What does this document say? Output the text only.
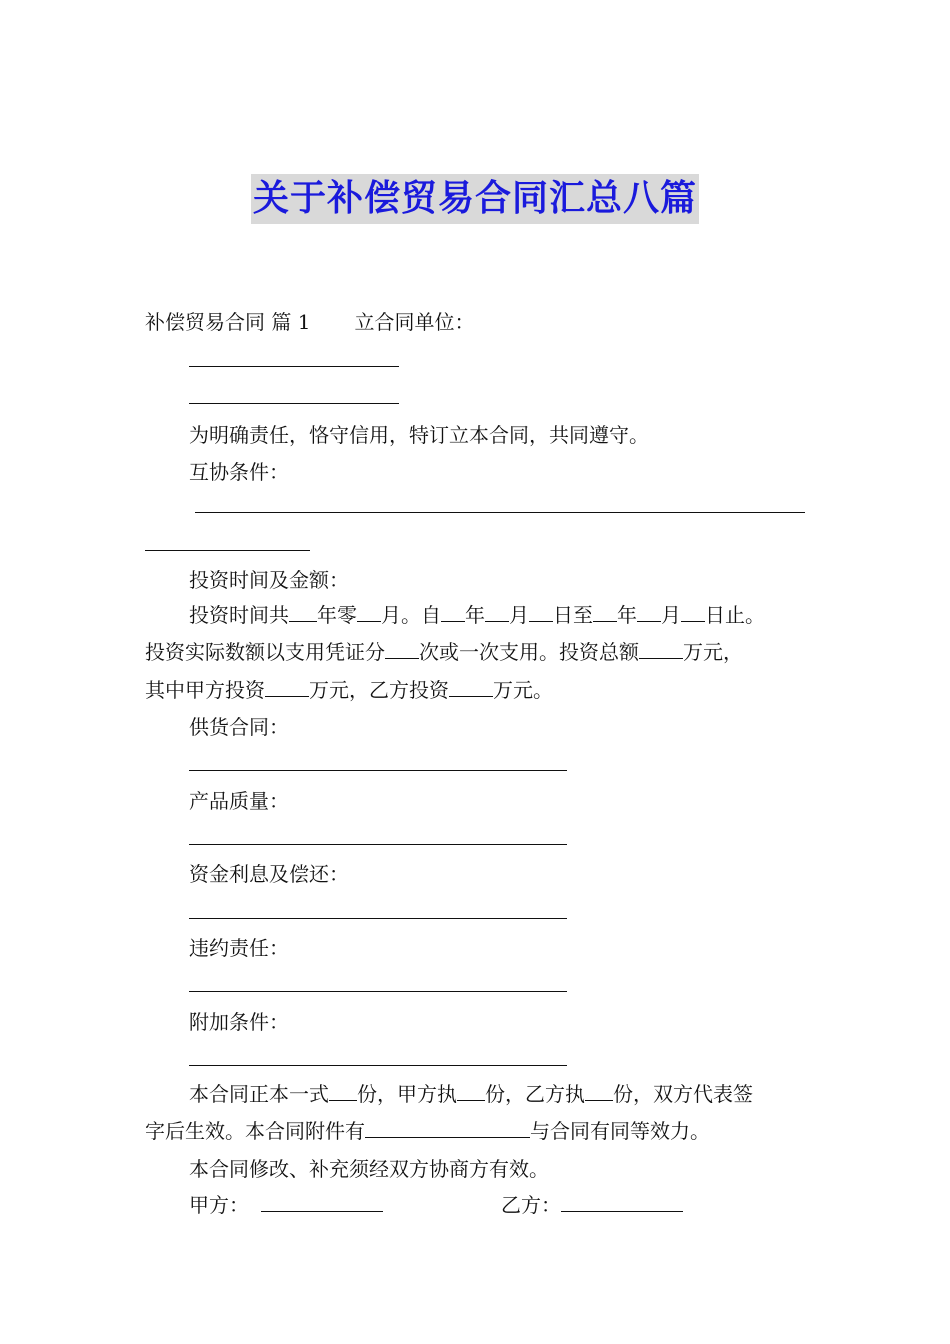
关于补偿贸易合同汇总八篇
补偿贸易合同 篇 1 立合同单位：
为明确责任，恪守信用，特订立本合同，共同遵守。
互协条件：
投资时间及金额：
投资时间共 年零 月。自 年 月 日至 年 月 日止。
投资实际数额以支用凭证分 次或一次支用。投资总额 万元，
其中甲方投资 万元，乙方投资 万元。
供货合同：
产品质量：
资金利息及偿还：
违约责任：
附加条件：
本合同正本一式 份，甲方执 份，乙方执 份，双方代表签
字后生效。本合同附件有	与合同有同等效力。
本合同修改、补充须经双方协商方有效。
甲方：	乙方：
